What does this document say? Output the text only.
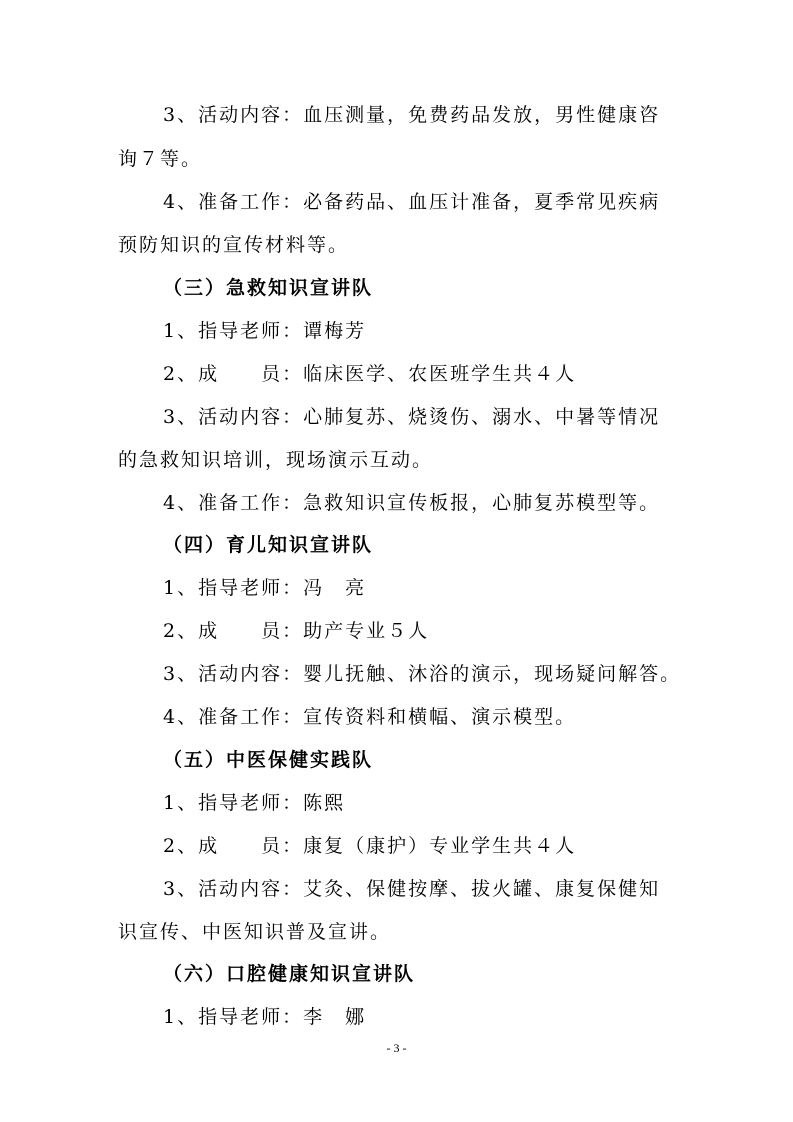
3、活动内容：血压测量，免费药品发放，男性健康咨
询７等。
4、准备工作：必备药品、血压计准备，夏季常见疾病
预防知识的宣传材料等。
（三）急救知识宣讲队
1、指导老师：谭梅芳
2、成　　员：临床医学、农医班学生共４人
3、活动内容：心肺复苏、烧烫伤、溺水、中暑等情况
的急救知识培训，现场演示互动。
4、准备工作：急救知识宣传板报，心肺复苏模型等。
（四）育儿知识宣讲队
1、指导老师：冯　亮
2、成　　员：助产专业５人
3、活动内容：婴儿抚触、沐浴的演示，现场疑问解答。
4、准备工作：宣传资料和横幅、演示模型。
（五）中医保健实践队
1、指导老师：陈熙
2、成　　员：康复（康护）专业学生共４人
3、活动内容：艾灸、保健按摩、拔火罐、康复保健知
识宣传、中医知识普及宣讲。
（六）口腔健康知识宣讲队
1、指导老师：李　娜
- 3 -
